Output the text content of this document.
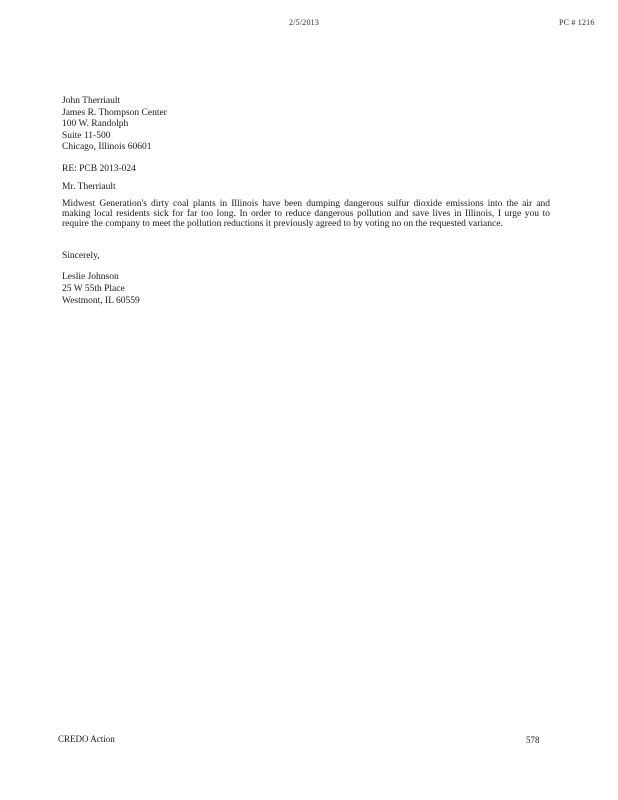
2/5/2013	PC # 1216
John Therriault
James R. Thompson Center
100 W. Randolph
Suite 11-500
Chicago, Illinois 60601
RE: PCB 2013-024
Mr. Therriault
Midwest Generation's dirty coal plants in Illinois have been dumping dangerous sulfur dioxide emissions into the air and making local residents sick for far too long. In order to reduce dangerous pollution and save lives in Illinois, I urge you to require the company to meet the pollution reductions it previously agreed to by voting no on the requested variance.
Sincerely,
Leslie Johnson
25 W 55th Place
Westmont, IL 60559
CREDO Action	578
